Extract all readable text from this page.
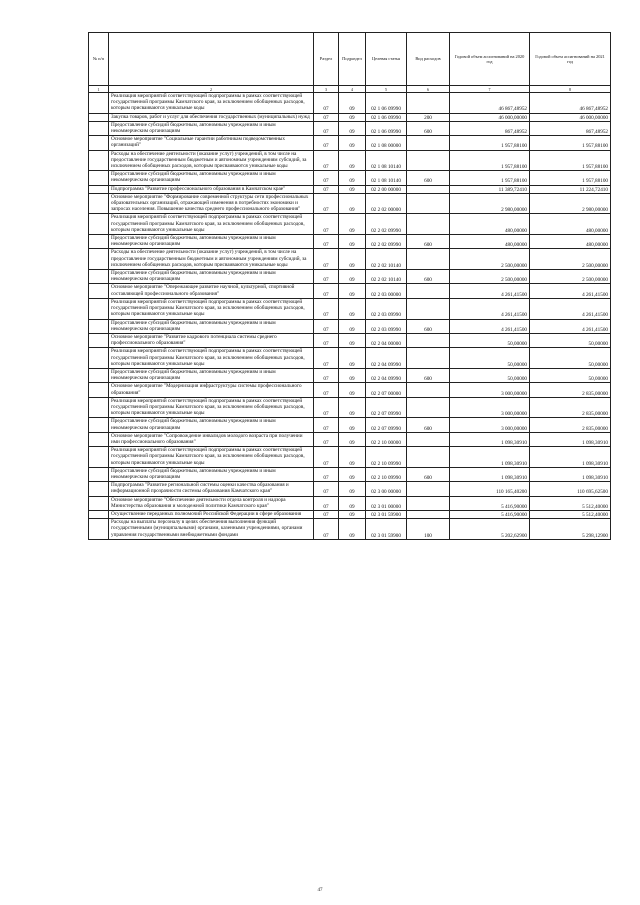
№ п/п		Раздел	Подраздел	Целевая статья	Вид расходов	Годовой объем ассигнований на 2020 год	Годовой объем ассигнований на 2021 год
1	2	3	4	5	6	7	8
	Реализация мероприятий соответствующей подпрограммы в рамках соответствующей государственной программы Камчатского края, за исключением обобщенных расходов, которым присваиваются уникальные коды	07	09	02 1 06 09990		46 867,48952	46 867,48952
	Закупка товаров, работ и услуг для обеспечения государственных (муниципальных) нужд	07	09	02 1 06 09990	200	46 000,00000	46 000,00000
	Предоставление субсидий бюджетным, автономным учреждениям и иным некоммерческим организациям	07	09	02 1 06 09990	600	867,48952	867,48952
	Основное мероприятие "Социальные гарантии работникам подведомственных организаций"	07	09	02 1 08 00000		1 957,88100	1 957,88100
	Расходы на обеспечение деятельности (оказание услуг) учреждений, в том числе на предоставление государственным бюджетным и автономным учреждениям субсидий, за исключением обобщенных расходов, которым присваиваются уникальные коды	07	09	02 1 08 10140		1 957,88100	1 957,88100
	Предоставление субсидий бюджетным, автономным учреждениям и иным некоммерческим организациям	07	09	02 1 08 10140	600	1 957,88100	1 957,88100
	Подпрограмма "Развитие профессионального образования в Камчатском крае"	07	09	02 2 00 00000		11 389,72410	11 224,72410
	Основное мероприятие "Формирование современной структуры сети профессиональных образовательных организаций, отражающей изменения в потребностях экономики и запросах населения. Повышение качества среднего профессионального образования"	07	09	02 2 02 00000		2 980,00000	2 980,00000
	Реализация мероприятий соответствующей подпрограммы в рамках соответствующей государственной программы Камчатского края, за исключением обобщенных расходов, которым присваиваются уникальные коды	07	09	02 2 02 09990		480,00000	480,00000
	Предоставление субсидий бюджетным, автономным учреждениям и иным некоммерческим организациям	07	09	02 2 02 09990	600	480,00000	480,00000
	Расходы на обеспечение деятельности (оказание услуг) учреждений, в том числе на предоставление государственным бюджетным и автономным учреждениям субсидий, за исключением обобщенных расходов, которым присваиваются уникальные коды	07	09	02 2 02 10140		2 500,00000	2 500,00000
	Предоставление субсидий бюджетным, автономным учреждениям и иным некоммерческим организациям	07	09	02 2 02 10140	600	2 500,00000	2 500,00000
	Основное мероприятие "Опережающее развитие научной, культурной, спортивной составляющей профессионального образования"	07	09	02 2 03 00000		4 261,41500	4 261,41500
	Реализация мероприятий соответствующей подпрограммы в рамках соответствующей государственной программы Камчатского края, за исключением обобщенных расходов, которым присваиваются уникальные коды	07	09	02 2 03 09990		4 261,41500	4 261,41500
	Предоставление субсидий бюджетным, автономным учреждениям и иным некоммерческим организациям	07	09	02 2 03 09990	600	4 261,41500	4 261,41500
	Основное мероприятие "Развитие кадрового потенциала системы среднего профессионального образования"	07	09	02 2 04 00000		50,00000	50,00000
	Реализация мероприятий соответствующей подпрограммы в рамках соответствующей государственной программы Камчатского края, за исключением обобщенных расходов, которым присваиваются уникальные коды	07	09	02 2 04 09990		50,00000	50,00000
	Предоставление субсидий бюджетным, автономным учреждениям и иным некоммерческим организациям	07	09	02 2 04 09990	600	50,00000	50,00000
	Основное мероприятие "Модернизация инфраструктуры системы профессионального образования"	07	09	02 2 07 00000		3 000,00000	2 835,00000
	Реализация мероприятий соответствующей подпрограммы в рамках соответствующей государственной программы Камчатского края, за исключением обобщенных расходов, которым присваиваются уникальные коды	07	09	02 2 07 09990		3 000,00000	2 835,00000
	Предоставление субсидий бюджетным, автономным учреждениям и иным некоммерческим организациям	07	09	02 2 07 09990	600	3 000,00000	2 835,00000
	Основное мероприятие "Сопровождение инвалидов молодого возраста при получении ими профессионального образования"	07	09	02 2 10 00000		1 098,30910	1 098,30910
	Реализация мероприятий соответствующей подпрограммы в рамках соответствующей государственной программы Камчатского края, за исключением обобщенных расходов, которым присваиваются уникальные коды	07	09	02 2 10 09990		1 098,30910	1 098,30910
	Предоставление субсидий бюджетным, автономным учреждениям и иным некоммерческим организациям	07	09	02 2 10 09990	600	1 098,30910	1 098,30910
	Подпрограмма "Развитие региональной системы оценки качества образования и информационной прозрачности системы образования Камчатского края"	07	09	02 3 00 00000		110 165,40200	110 695,62500
	Основное мероприятие "Обеспечение деятельности отдела контроля и надзора Министерства образования и молодежной политики Камчатского края"	07	09	02 3 01 00000		5 416,90000	5 512,40000
	Осуществление переданных полномочий Российской Федерации в сфере образования	07	09	02 3 01 59900		5 416,90000	5 512,40000
	Расходы на выплаты персоналу в целях обеспечения выполнения функций государственными (муниципальными) органами, казенными учреждениями, органами управления государственными внебюджетными фондами	07	09	02 3 01 59900	100	5 202,62900	5 298,12900
47
